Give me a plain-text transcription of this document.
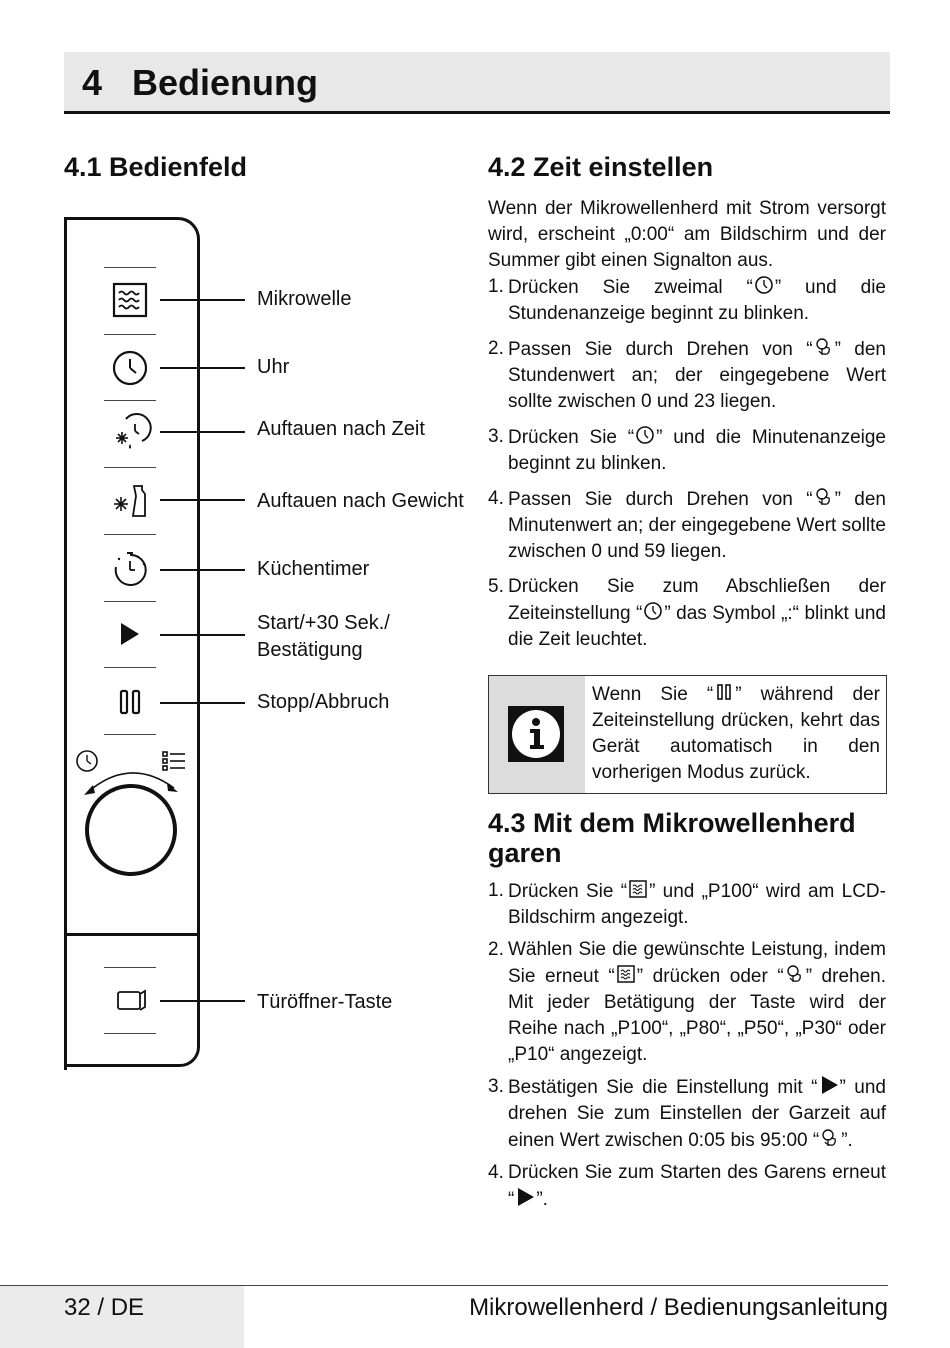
4   Bedienung
4.1 Bedienfeld	4.2 Zeit einstellen
Mikrowelle
Uhr
Auftauen nach Zeit
Auftauen nach Gewicht
Küchentimer
Start/+30 Sek./
Bestätigung
Stopp/Abbruch
Türöffner-Taste
Wenn der Mikrowellenherd mit Strom versorgt wird, erscheint „0:00“ am Bildschirm und der Summer gibt einen Signalton aus.
1. Drücken Sie zweimal “ ” und die Stundenanzeige beginnt zu blinken.
2. Passen Sie durch Drehen von “ ” den Stundenwert an; der eingegebene Wert sollte zwischen 0 und 23 liegen.
3. Drücken Sie “ ” und die Minutenanzeige beginnt zu blinken.
4. Passen Sie durch Drehen von “ ” den Minutenwert an; der eingegebene Wert sollte zwischen 0 und 59 liegen.
5. Drücken Sie zum Abschließen der Zeiteinstellung “ ” das Symbol „:“ blinkt und die Zeit leuchtet.
Wenn Sie “ ” während der Zeiteinstellung drücken, kehrt das Gerät automatisch in den vorherigen Modus zurück.
4.3 Mit dem Mikrowellenherd garen
1. Drücken Sie “ ” und „P100“ wird am LCD-Bildschirm angezeigt.
2. Wählen Sie die gewünschte Leistung, indem Sie erneut “ ” drücken oder “ ” drehen. Mit jeder Betätigung der Taste wird der Reihe nach „P100“, „P80“, „P50“, „P30“ oder „P10“ angezeigt.
3. Bestätigen Sie die Einstellung mit “ ” und drehen Sie zum Einstellen der Garzeit auf einen Wert zwischen 0:05 bis 95:00 “ ”.
4. Drücken Sie zum Starten des Garens erneut “ ”.
32 / DE	Mikrowellenherd / Bedienungsanleitung
